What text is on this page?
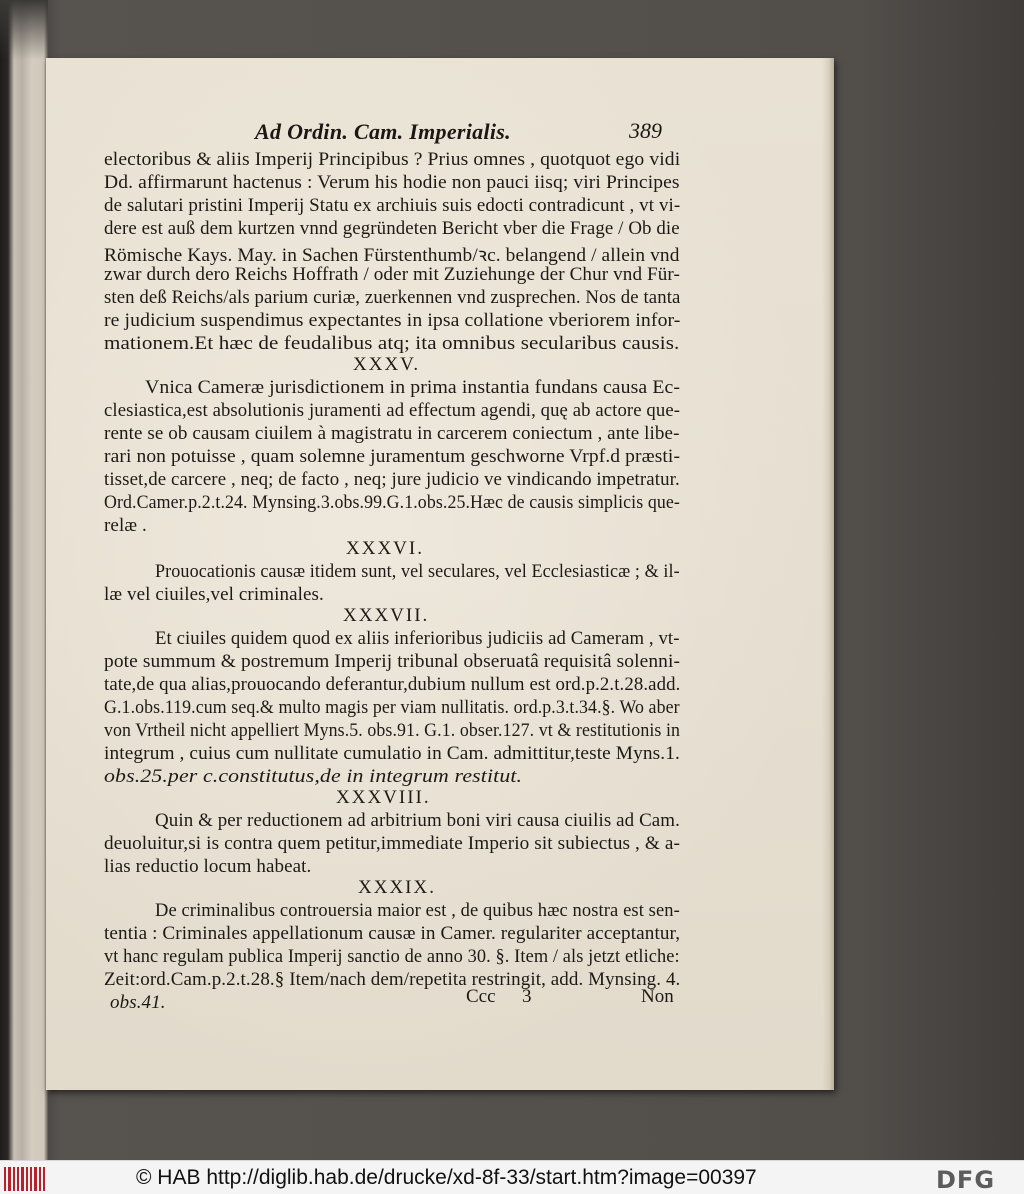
Ad Ordin. Cam. Imperialis.	389
electoribus & aliis Imperij Principibus ? Prius omnes , quotquot ego vidi
Dd. affirmarunt hactenus : Verum his hodie non pauci iisq; viri Principes
de salutari pristini Imperij Statu ex archiuis suis edocti contradicunt , vt vi-
dere est auß dem kurtzen vnnd gegründeten Bericht vber die Frage / Ob die
Römische Kays. May. in Sachen Fürstenthumb/ꝛc. belangend / allein vnd
zwar durch dero Reichs Hoffrath / oder mit Zuziehunge der Chur vnd Für-
sten deß Reichs/als parium curiæ, zuerkennen vnd zusprechen. Nos de tanta
re judicium suspendimus expectantes in ipsa collatione vberiorem infor-
mationem.Et hæc de feudalibus atq; ita omnibus secularibus causis.
XXXV.
Vnica Cameræ jurisdictionem in prima instantia fundans causa Ec-
clesiastica,est absolutionis juramenti ad effectum agendi, quę ab actore que-
rente se ob causam ciuilem à magistratu in carcerem coniectum , ante libe-
rari non potuisse , quam solemne juramentum geschworne Vrpf.d præsti-
tisset,de carcere , neq; de facto , neq; jure judicio ve vindicando impetratur.
Ord.Camer.p.2.t.24. Mynsing.3.obs.99.G.1.obs.25.Hæc de causis simplicis que-
relæ .
XXXVI.
Prouocationis causæ itidem sunt, vel seculares, vel Ecclesiasticæ ; & il-
læ vel ciuiles,vel criminales.
XXXVII.
Et ciuiles quidem quod ex aliis inferioribus judiciis ad Cameram , vt-
pote summum & postremum Imperij tribunal obseruatâ requisitâ solenni-
tate,de qua alias,prouocando deferantur,dubium nullum est ord.p.2.t.28.add.
G.1.obs.119.cum seq.& multo magis per viam nullitatis. ord.p.3.t.34.§. Wo aber
von Vrtheil nicht appelliert Myns.5. obs.91. G.1. obser.127. vt & restitutionis in
integrum , cuius cum nullitate cumulatio in Cam. admittitur,teste Myns.1.
obs.25.per c.constitutus,de in integrum restitut.
XXXVIII.
Quin & per reductionem ad arbitrium boni viri causa ciuilis ad Cam.
deuoluitur,si is contra quem petitur,immediate Imperio sit subiectus , & a-
lias reductio locum habeat.
XXXIX.
De criminalibus controuersia maior est , de quibus hæc nostra est sen-
tentia : Criminales appellationum causæ in Camer. regulariter acceptantur,
vt hanc regulam publica Imperij sanctio de anno 30. §. Item / als jetzt etliche:
Zeit:ord.Cam.p.2.t.28.§ Item/nach dem/repetita restringit, add. Mynsing. 4.
obs.41.	Ccc 3	Non
© HAB http://diglib.hab.de/drucke/xd-8f-33/start.htm?image=00397	DFG
